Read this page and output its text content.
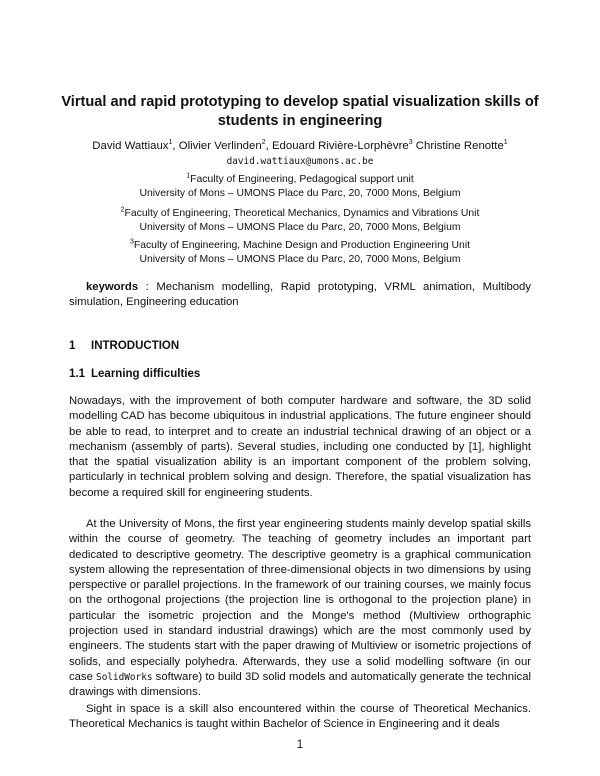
Virtual and rapid prototyping to develop spatial visualization skills of
students in engineering
David Wattiaux$^1$, Olivier Verlinden$^2$, Edouard Rivière-Lorphèvre$^3$ Christine Renotte$^1$
david.wattiaux@umons.ac.be
$^1$Faculty of Engineering, Pedagogical support unit
University of Mons – UMONS Place du Parc, 20, 7000 Mons, Belgium
$^2$Faculty of Engineering, Theoretical Mechanics, Dynamics and Vibrations Unit
University of Mons – UMONS Place du Parc, 20, 7000 Mons, Belgium
$^3$Faculty of Engineering, Machine Design and Production Engineering Unit
University of Mons – UMONS Place du Parc, 20, 7000 Mons, Belgium
keywords : Mechanism modelling, Rapid prototyping, VRML animation, Multibody simulation, Engineering education
1 INTRODUCTION
1.1 Learning difficulties
Nowadays, with the improvement of both computer hardware and software, the 3D solid modelling CAD has become ubiquitous in industrial applications. The future engineer should be able to read, to interpret and to create an industrial technical drawing of an object or a mechanism (assembly of parts). Several studies, including one conducted by [1], highlight that the spatial visualization ability is an important component of the problem solving, particularly in technical problem solving and design. Therefore, the spatial visualization has become a required skill for engineering students.
At the University of Mons, the first year engineering students mainly develop spatial skills within the course of geometry. The teaching of geometry includes an important part dedicated to descriptive geometry. The descriptive geometry is a graphical communication system allowing the representation of three-dimensional objects in two dimensions by using perspective or parallel projections. In the framework of our training courses, we mainly focus on the orthogonal projections (the projection line is orthogonal to the projection plane) in particular the isometric projection and the Monge's method (Multiview orthographic projection used in standard industrial drawings) which are the most commonly used by engineers. The students start with the paper drawing of Multiview or isometric projections of solids, and especially polyhedra. Afterwards, they use a solid modelling software (in our case SolidWorks software) to build 3D solid models and automatically generate the technical drawings with dimensions.
Sight in space is a skill also encountered within the course of Theoretical Mechanics. Theoretical Mechanics is taught within Bachelor of Science in Engineering and it deals
1
